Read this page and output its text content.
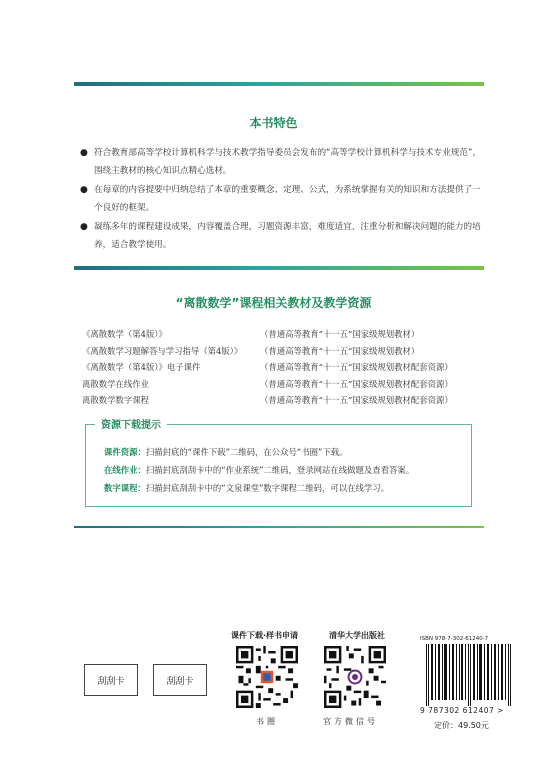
本书特色
● 符合教育部高等学校计算机科学与技术教学指导委员会发布的“高等学校计算机科学与技术专业规范”，围绕主教材的核心知识点精心选材。
● 在每章的内容提要中归纳总结了本章的重要概念、定理、公式，为系统掌握有关的知识和方法提供了一个良好的框架。
● 凝练多年的课程建设成果，内容覆盖合理，习题资源丰富，难度适宜，注重分析和解决问题的能力的培养，适合教学使用。
“离散数学”课程相关教材及教学资源
《离散数学（第4版）》	（普通高等教育“十一五”国家级规划教材）
《离散数学习题解答与学习指导（第4版）》	（普通高等教育“十一五”国家级规划教材）
《离散数学（第4版）》电子课件	（普通高等教育“十一五”国家级规划教材配套资源）
离散数学在线作业	（普通高等教育“十一五”国家级规划教材配套资源）
离散数学数字课程	（普通高等教育“十一五”国家级规划教材配套资源）
资源下载提示
课件资源：扫描封底的“课件下载”二维码，在公众号“书圈”下载。
在线作业：扫描封底刮刮卡中的“作业系统”二维码，登录网站在线做题及查看答案。
数字课程：扫描封底刮刮卡中的“文泉课堂”数字课程二维码，可以在线学习。
刮刮卡	刮刮卡
课件下载·样书申请
书圈
清华大学出版社
官方微信号
ISBN 978-7-302-61240-7
9 787302 612407 >
定价：49.50元
